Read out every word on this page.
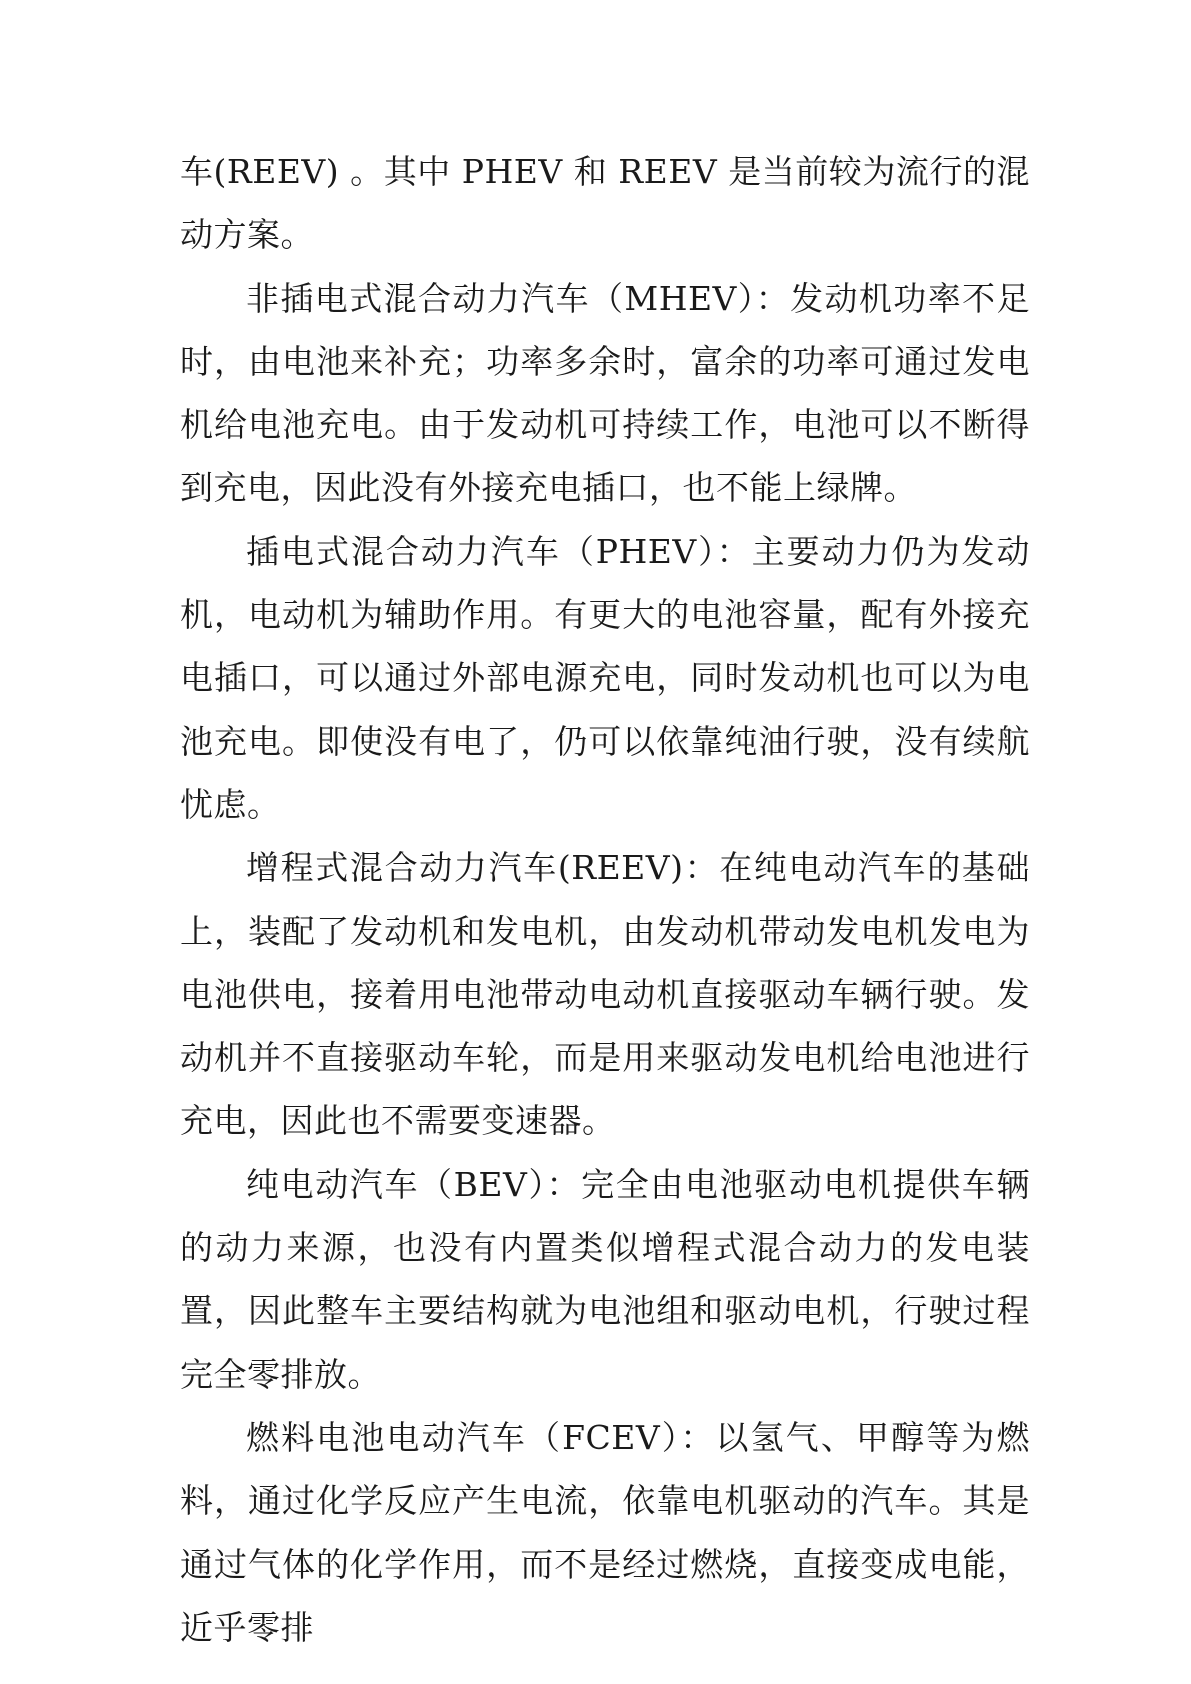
车(REEV) 。其中 PHEV 和 REEV 是当前较为流行的混动方案。

非插电式混合动力汽车（MHEV）：发动机功率不足时，由电池来补充；功率多余时，富余的功率可通过发电机给电池充电。由于发动机可持续工作，电池可以不断得到充电，因此没有外接充电插口，也不能上绿牌。

插电式混合动力汽车（PHEV）：主要动力仍为发动机，电动机为辅助作用。有更大的电池容量，配有外接充电插口，可以通过外部电源充电，同时发动机也可以为电池充电。即使没有电了，仍可以依靠纯油行驶，没有续航忧虑。

增程式混合动力汽车(REEV)：在纯电动汽车的基础上，装配了发动机和发电机，由发动机带动发电机发电为电池供电，接着用电池带动电动机直接驱动车辆行驶。发动机并不直接驱动车轮，而是用来驱动发电机给电池进行充电，因此也不需要变速器。

纯电动汽车（BEV）：完全由电池驱动电机提供车辆的动力来源，也没有内置类似增程式混合动力的发电装置，因此整车主要结构就为电池组和驱动电机，行驶过程完全零排放。

燃料电池电动汽车（FCEV）：以氢气、甲醇等为燃料，通过化学反应产生电流，依靠电机驱动的汽车。其是通过气体的化学作用，而不是经过燃烧，直接变成电能，近乎零排
